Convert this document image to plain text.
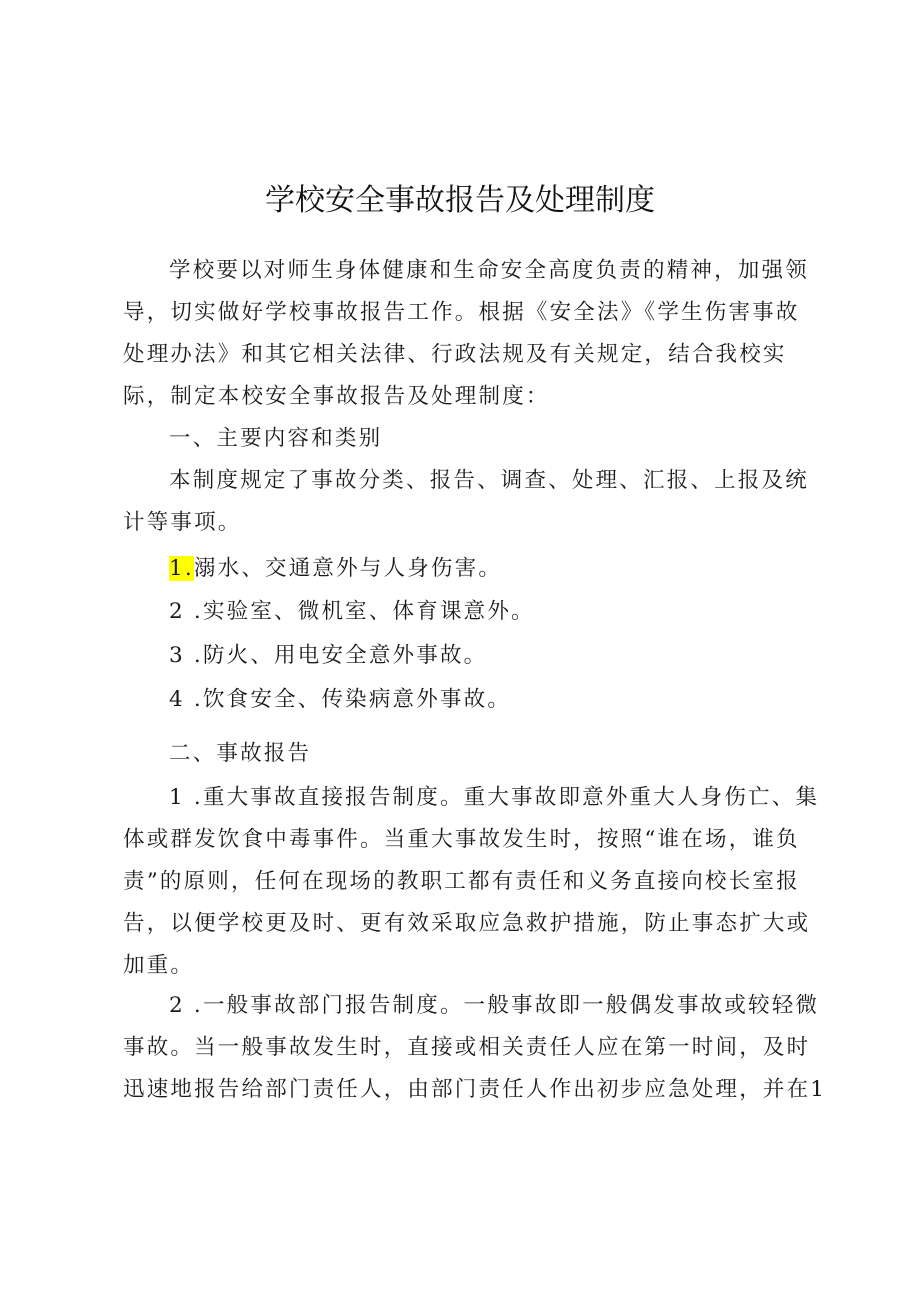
学校安全事故报告及处理制度
学校要以对师生身体健康和生命安全高度负责的精神，加强领
导，切实做好学校事故报告工作。根据《安全法》《学生伤害事故
处理办法》和其它相关法律、行政法规及有关规定，结合我校实
际，制定本校安全事故报告及处理制度：
一、主要内容和类别
本制度规定了事故分类、报告、调查、处理、汇报、上报及统
计等事项。
1.溺水、交通意外与人身伤害。
2 .实验室、微机室、体育课意外。
3 .防火、用电安全意外事故。
4 .饮食安全、传染病意外事故。
二、事故报告
1 .重大事故直接报告制度。重大事故即意外重大人身伤亡、集
体或群发饮食中毒事件。当重大事故发生时，按照“谁在场，谁负
责”的原则，任何在现场的教职工都有责任和义务直接向校长室报
告，以便学校更及时、更有效采取应急救护措施，防止事态扩大或
加重。
2 .一般事故部门报告制度。一般事故即一般偶发事故或较轻微
事故。当一般事故发生时，直接或相关责任人应在第一时间，及时
迅速地报告给部门责任人，由部门责任人作出初步应急处理，并在1
